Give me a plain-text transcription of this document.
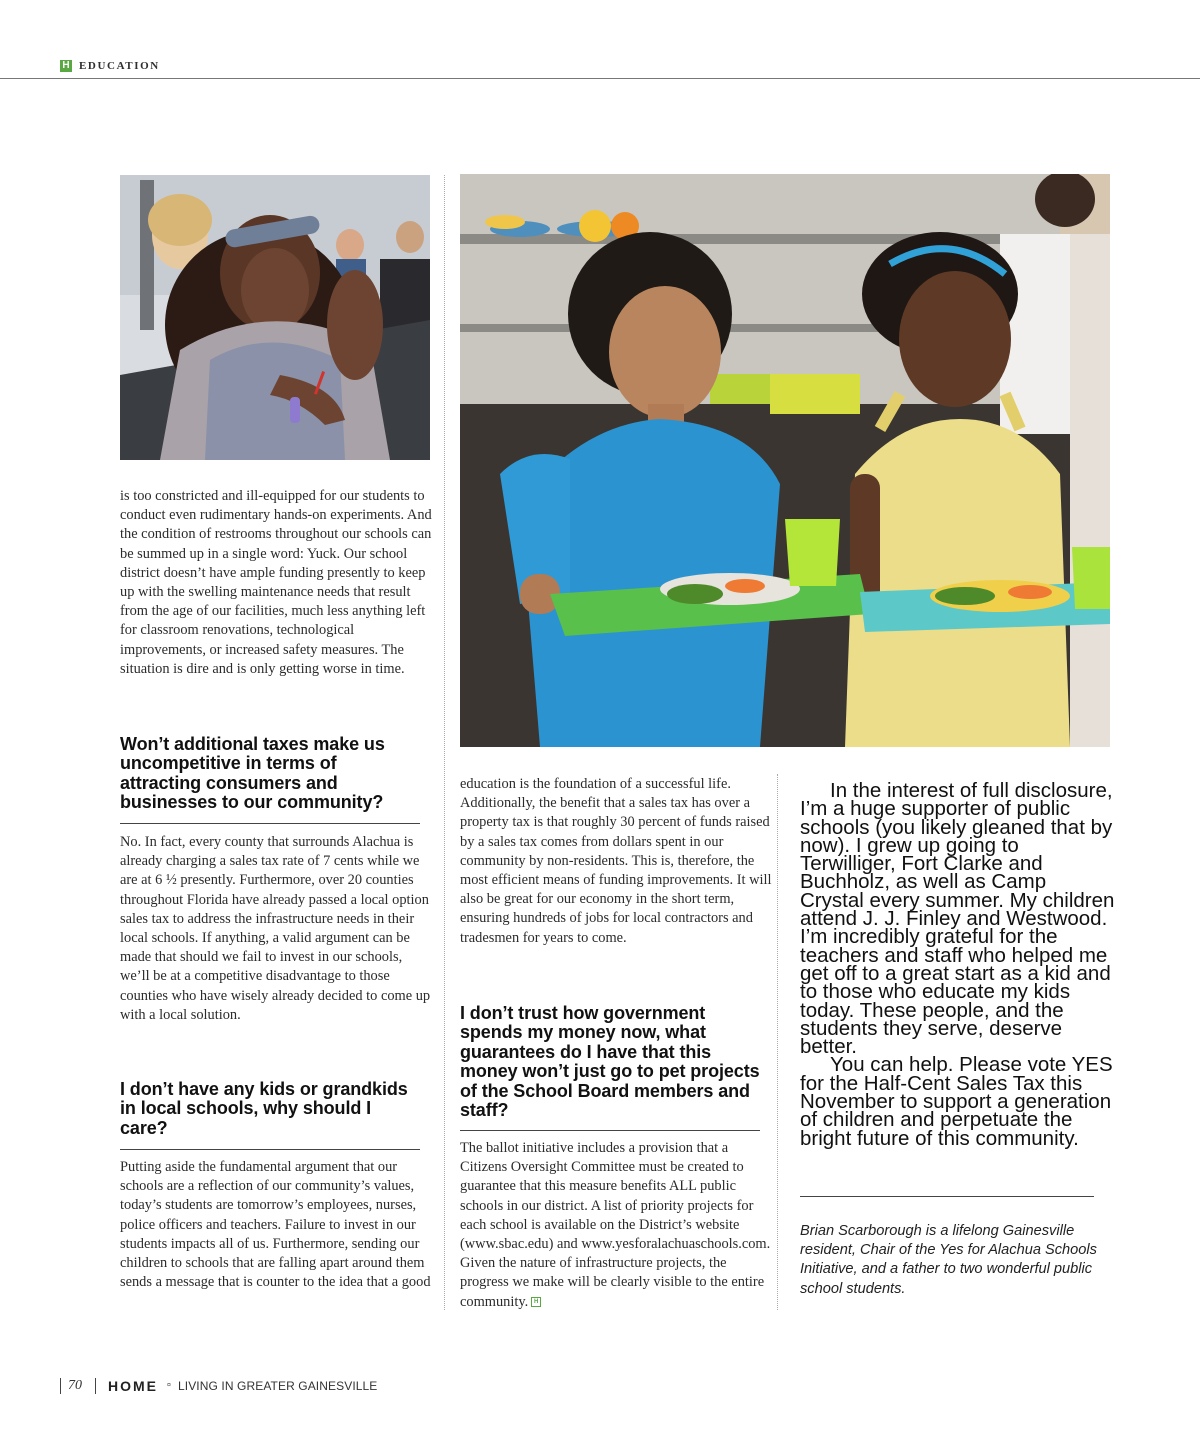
H EDUCATION

is too constricted and ill-equipped for our students to conduct even rudimentary hands-on experiments. And the condition of restrooms throughout our schools can be summed up in a single word: Yuck. Our school district doesn’t have ample funding presently to keep up with the swelling maintenance needs that result from the age of our facilities, much less anything left for classroom renovations, technological improvements, or increased safety measures. The situation is dire and is only getting worse in time.

Won’t additional taxes make us uncompetitive in terms of attracting consumers and businesses to our community?

No. In fact, every county that surrounds Alachua is already charging a sales tax rate of 7 cents while we are at 6 ½ presently. Furthermore, over 20 counties throughout Florida have already passed a local option sales tax to address the infrastructure needs in their local schools. If anything, a valid argument can be made that should we fail to invest in our schools, we’ll be at a competitive disadvantage to those counties who have wisely already decided to come up with a local solution.

I don’t have any kids or grandkids in local schools, why should I care?

Putting aside the fundamental argument that our schools are a reflection of our community’s values, today’s students are tomorrow’s employees, nurses, police officers and teachers. Failure to invest in our students impacts all of us. Furthermore, sending our children to schools that are falling apart around them sends a message that is counter to the idea that a good

education is the foundation of a successful life. Additionally, the benefit that a sales tax has over a property tax is that roughly 30 percent of funds raised by a sales tax comes from dollars spent in our community by non-residents. This is, therefore, the most efficient means of funding improvements. It will also be great for our economy in the short term, ensuring hundreds of jobs for local contractors and tradesmen for years to come.

I don’t trust how government spends my money now, what guarantees do I have that this money won’t just go to pet projects of the School Board members and staff?

The ballot initiative includes a provision that a Citizens Oversight Committee must be created to guarantee that this measure benefits ALL public schools in our district. A list of priority projects for each school is available on the District’s website (www.sbac.edu) and www.yesforalachuaschools.com. Given the nature of infrastructure projects, the progress we make will be clearly visible to the entire community. H

In the interest of full disclosure, I’m a huge supporter of public schools (you likely gleaned that by now). I grew up going to Terwilliger, Fort Clarke and Buchholz, as well as Camp Crystal every summer. My children attend J. J. Finley and Westwood. I’m incredibly grateful for the teachers and staff who helped me get off to a great start as a kid and to those who educate my kids today. These people, and the students they serve, deserve better.

You can help. Please vote YES for the Half-Cent Sales Tax this November to support a generation of children and perpetuate the bright future of this community.

Brian Scarborough is a lifelong Gainesville resident, Chair of the Yes for Alachua Schools Initiative, and a father to two wonderful public school students.

70 HOME ¤ LIVING IN GREATER GAINESVILLE
